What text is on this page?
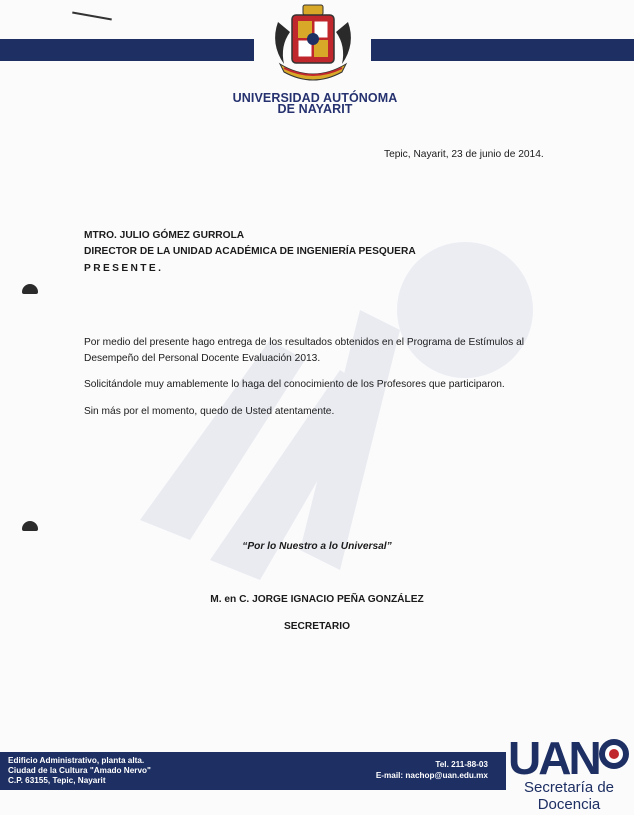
UNIVERSIDAD AUTÓNOMA
DE NAYARIT
Tepic, Nayarit, 23 de junio de 2014.
MTRO. JULIO GÓMEZ GURROLA
DIRECTOR DE LA UNIDAD ACADÉMICA DE INGENIERÍA PESQUERA
PRESENTE.
Por medio del presente hago entrega de los resultados obtenidos en el Programa de Estímulos al
Desempeño del Personal Docente Evaluación 2013.
Solicitándole muy amablemente lo haga del conocimiento de los Profesores que participaron.
Sin más por el momento, quedo de Usted atentamente.
“Por lo Nuestro a lo Universal”
M. en C. JORGE IGNACIO PEÑA GONZÁLEZ
SECRETARIO
Edificio Administrativo, planta alta.
Ciudad de la Cultura "Amado Nervo"
C.P. 63155, Tepic, Nayarit
Tel. 211-88-03
E-mail: nachop@uan.edu.mx UAN
Secretaría de
Docencia
